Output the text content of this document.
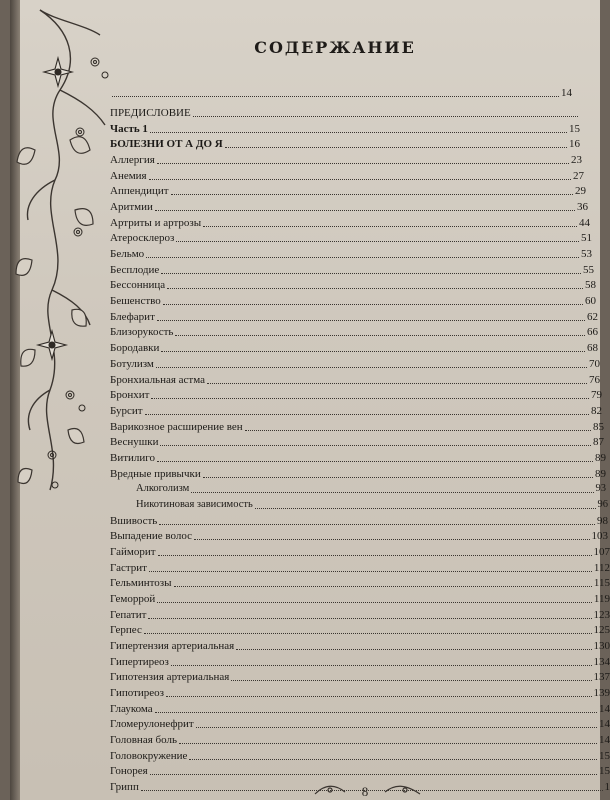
СОДЕРЖАНИЕ
14
ПРЕДИСЛОВИЕ
Часть 1	15
БОЛЕЗНИ ОТ А ДО Я	16
Аллергия	23
Анемия	27
Аппендицит	29
Аритмии	36
Артриты и артрозы	44
Атеросклероз	51
Бельмо	53
Бесплодие	55
Бессонница	58
Бешенство	60
Блефарит	62
Близорукость	66
Бородавки	68
Ботулизм	70
Бронхиальная астма	76
Бронхит	79
Бурсит	82
Варикозное расширение вен	85
Веснушки	87
Витилиго	89
Вредные привычки	89
Алкоголизм	93
Никотиновая зависимость	96
Вшивость	98
Выпадение волос	103
Гайморит	107
Гастрит	112
Гельминтозы	115
Геморрой	119
Гепатит	123
Герпес	125
Гипертензия артериальная	130
Гипертиреоз	134
Гипотензия артериальная	137
Гипотиреоз	139
Глаукома	14
Гломерулонефрит	14
Головная боль	14
Головокружение	15
Гонорея	15
Грипп	1
8
